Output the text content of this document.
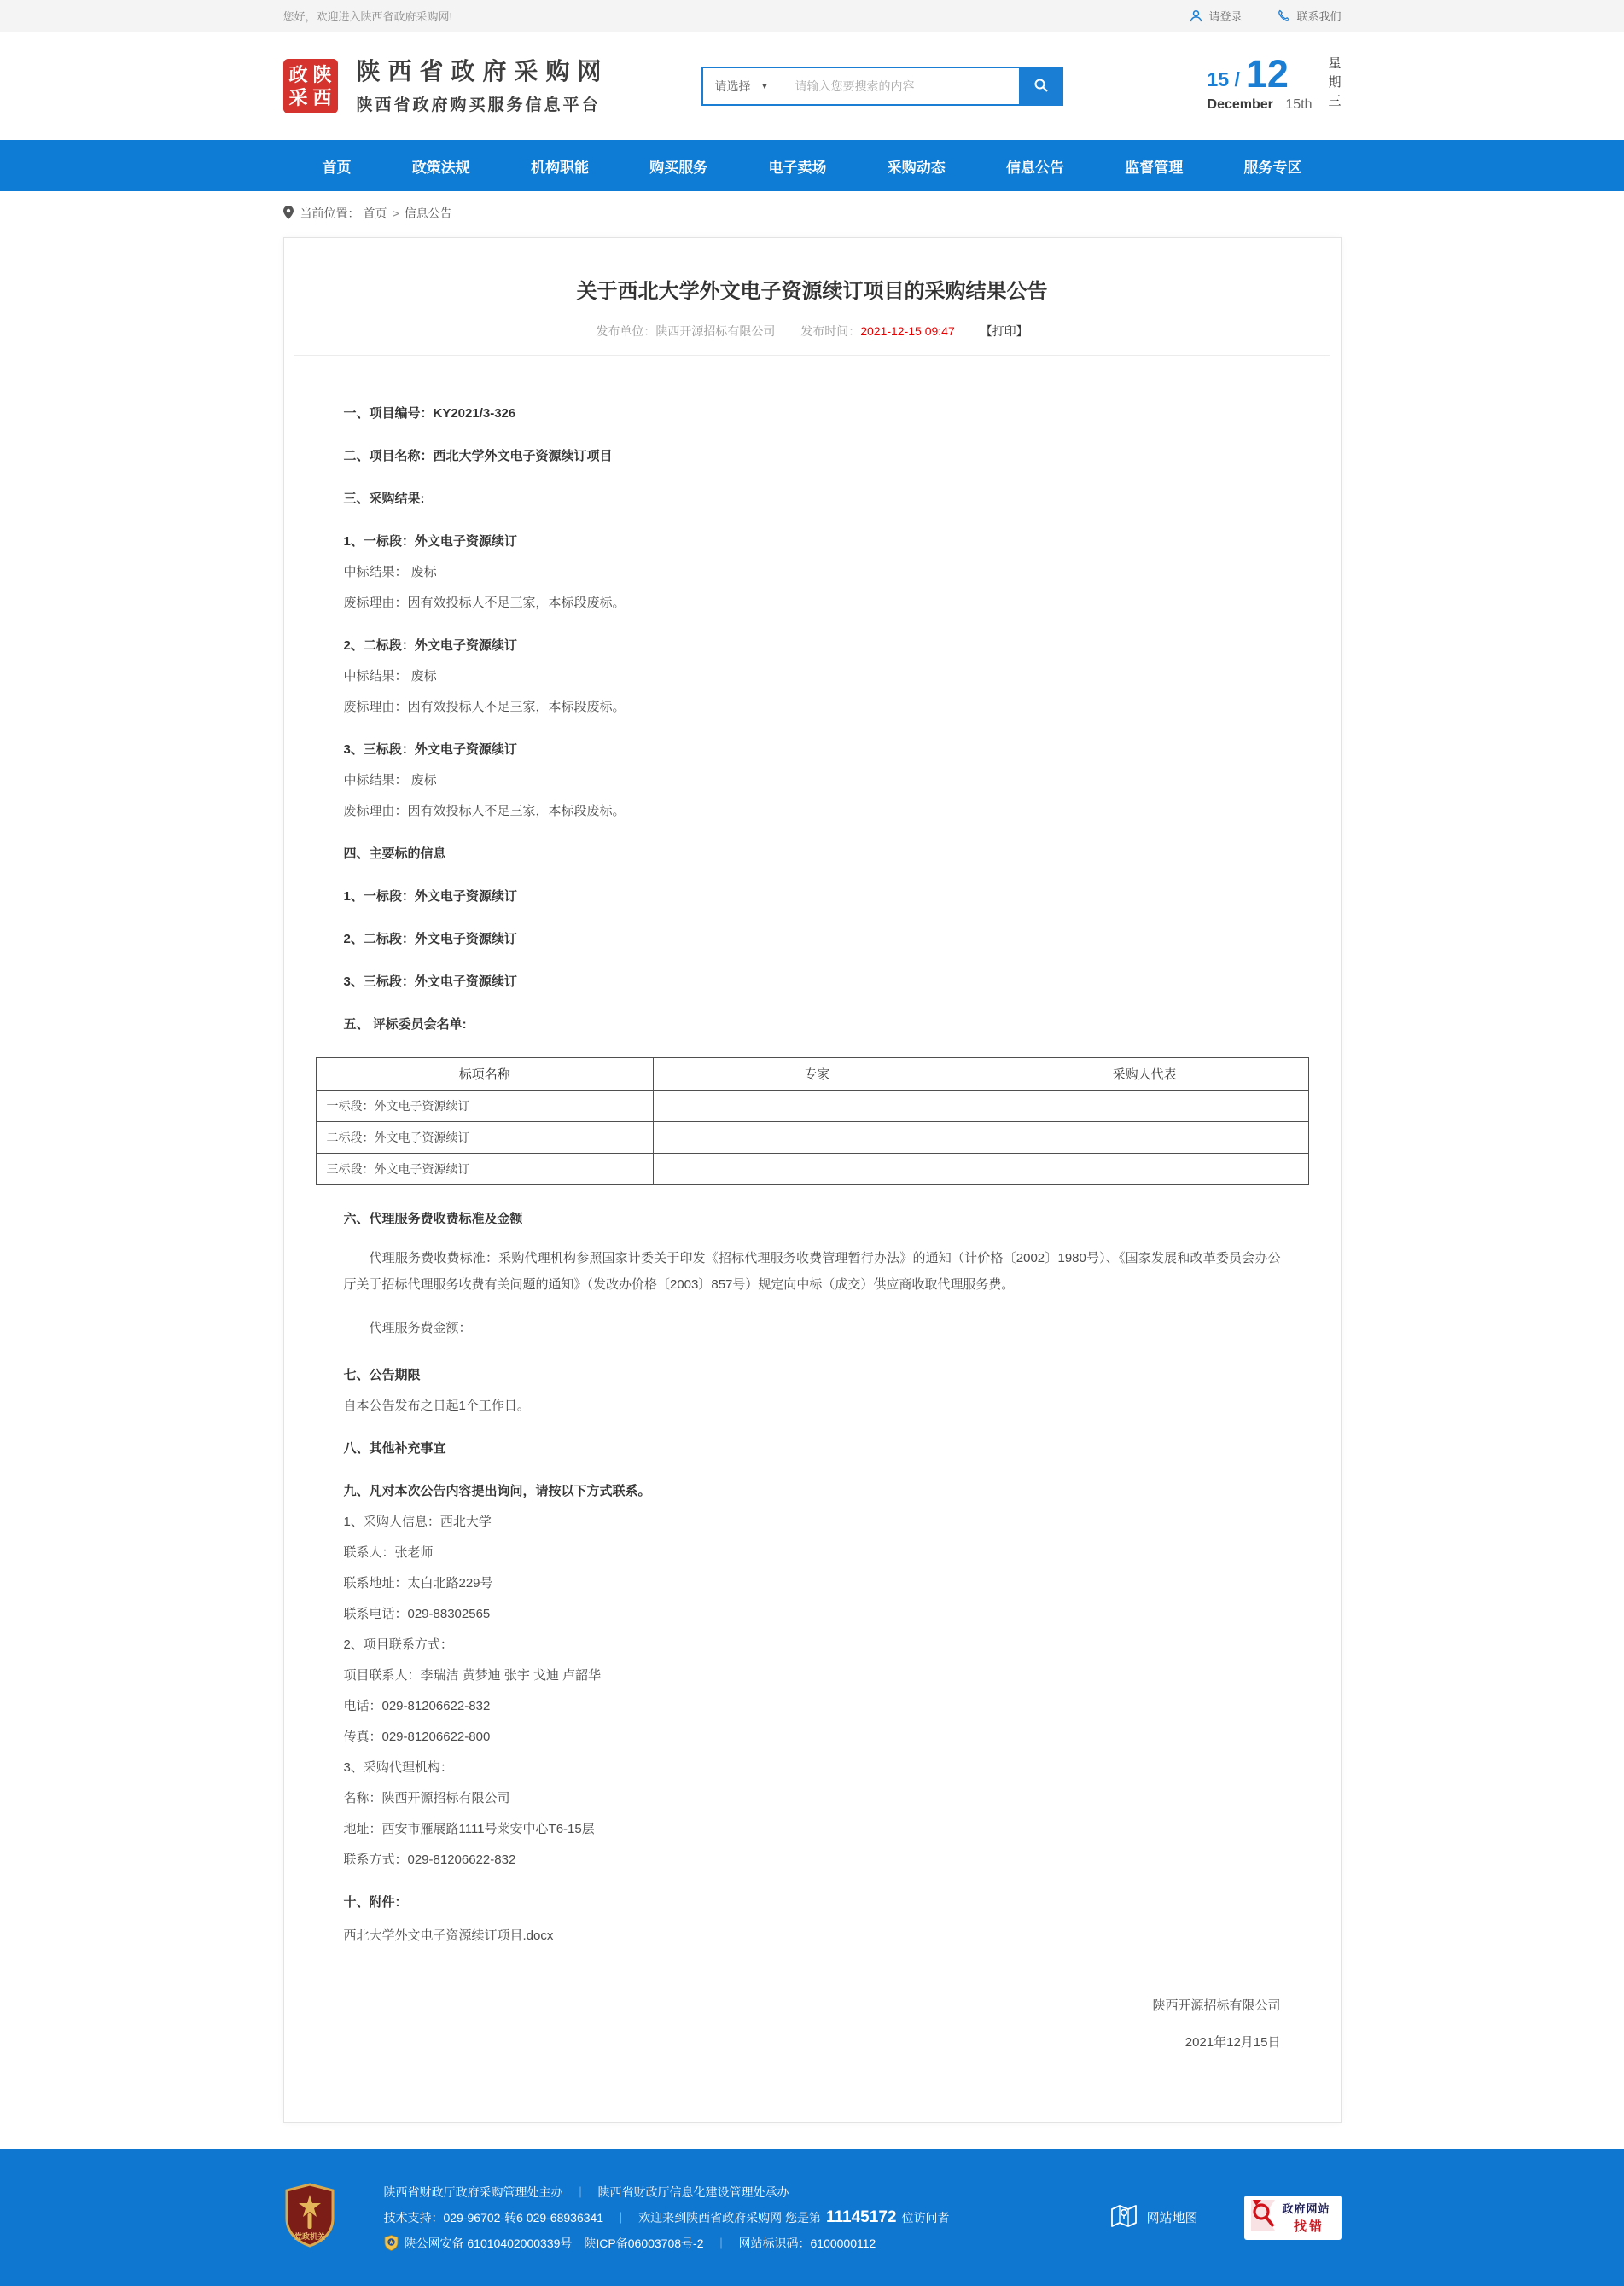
您好，欢迎进入陕西省政府采购网!	请登录	联系我们
政陕
采西
陕西省政府采购网
陕西省政府购买服务信息平台
请选择 ▼
请输入您要搜索的内容	15 / 12
December 15th 星期三
首页	政策法规	机构职能	购买服务	电子卖场	采购动态	信息公告	监督管理	服务专区
当前位置： 首页 > 信息公告
关于西北大学外文电子资源续订项目的采购结果公告
发布单位：陕西开源招标有限公司 发布时间：2021-12-15 09:47 【打印】

一、项目编号：KY2021/3-326

二、项目名称：西北大学外文电子资源续订项目

三、采购结果:

1、一标段：外文电子资源续订

中标结果： 废标

废标理由：因有效投标人不足三家，本标段废标。

2、二标段：外文电子资源续订

中标结果： 废标

废标理由：因有效投标人不足三家，本标段废标。

3、三标段：外文电子资源续订

中标结果： 废标

废标理由：因有效投标人不足三家，本标段废标。

四、主要标的信息

1、一标段：外文电子资源续订

2、二标段：外文电子资源续订

3、三标段：外文电子资源续订

五、 评标委员会名单:

标项名称	专家	采购人代表
一标段：外文电子资源续订		
二标段：外文电子资源续订		
三标段：外文电子资源续订		

六、代理服务费收费标准及金额

代理服务费收费标准：采购代理机构参照国家计委关于印发《招标代理服务收费管理暂行办法》的通知（计价格〔2002〕1980号）、《国家发展和改革委员会办公厅关于招标代理服务收费有关问题的通知》（发改办价格〔2003〕857号）规定向中标（成交）供应商收取代理服务费。

代理服务费金额：

七、公告期限

自本公告发布之日起1个工作日。

八、其他补充事宜

九、凡对本次公告内容提出询问，请按以下方式联系。

1、采购人信息：西北大学

联系人：张老师

联系地址：太白北路229号

联系电话：029-88302565

2、项目联系方式：

项目联系人：李瑞洁 黄梦迪 张宇 戈迪 卢韶华

电话：029-81206622-832

传真：029-81206622-800

3、采购代理机构：

名称：陕西开源招标有限公司

地址：西安市雁展路1111号莱安中心T6-15层

联系方式：029-81206622-832

十、附件：

西北大学外文电子资源续订项目.docx

陕西开源招标有限公司

2021年12月15日

党政机关
陕西省财政厅政府采购管理处主办 ｜ 陕西省财政厅信息化建设管理处承办
技术支持：029-96702-转6 029-68936341 ｜ 欢迎来到陕西省政府采购网 您是第 11145172 位访问者
陕公网安备 61010402000339号 陕ICP备06003708号-2 ｜ 网站标识码：6100000112
网站地图
政府网站 找错
